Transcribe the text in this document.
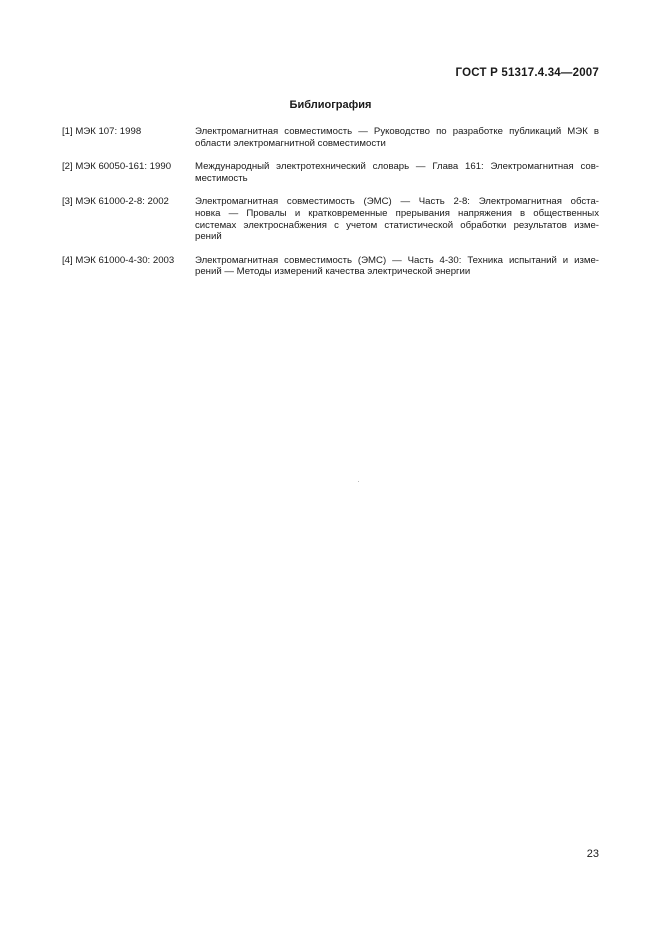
ГОСТ Р 51317.4.34—2007
Библиография
[1] МЭК 107: 1998	Электромагнитная совместимость — Руководство по разработке публикаций МЭК в
области электромагнитной совместимости
[2] МЭК 60050-161: 1990	Международный электротехнический словарь — Глава 161: Электромагнитная сов-
местимость
[3] МЭК 61000-2-8: 2002	Электромагнитная совместимость (ЭМС) — Часть 2-8: Электромагнитная обста-
новка — Провалы и кратковременные прерывания напряжения в общественных
системах электроснабжения с учетом статистической обработки результатов изме-
рений
[4] МЭК 61000-4-30: 2003	Электромагнитная совместимость (ЭМС) — Часть 4-30: Техника испытаний и изме-
рений — Методы измерений качества электрической энергии
23
